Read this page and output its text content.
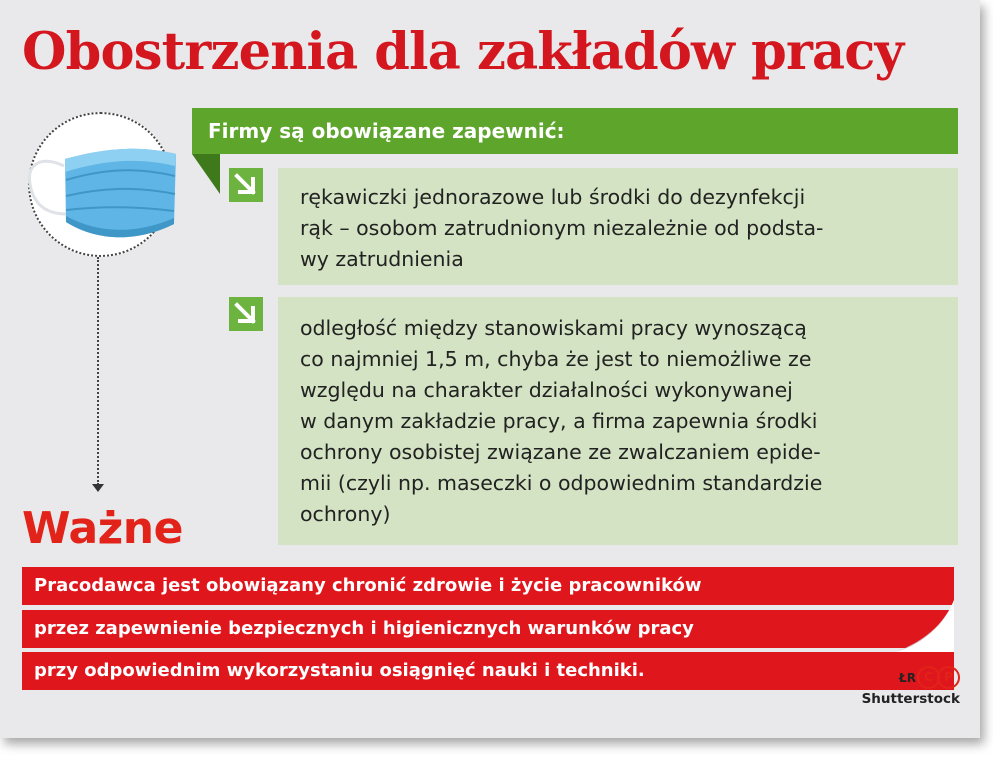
Obostrzenia dla zakładów pracy
Firmy są obowiązane zapewnić:
rękawiczki jednorazowe lub środki do dezynfekcji
rąk – osobom zatrudnionym niezależnie od podsta-
wy zatrudnienia
odległość między stanowiskami pracy wynoszącą
co najmniej 1,5 m, chyba że jest to niemożliwe ze
względu na charakter działalności wykonywanej
w danym zakładzie pracy, a firma zapewnia środki
ochrony osobistej związane ze zwalczaniem epide-
mii (czyli np. maseczki o odpowiednim standardzie
ochrony)
Ważne
Pracodawca jest obowiązany chronić zdrowie i życie pracowników
przez zapewnienie bezpiecznych i higienicznych warunków pracy
przy odpowiednim wykorzystaniu osiągnięć nauki i techniki.	ŁR C P
Shutterstock
